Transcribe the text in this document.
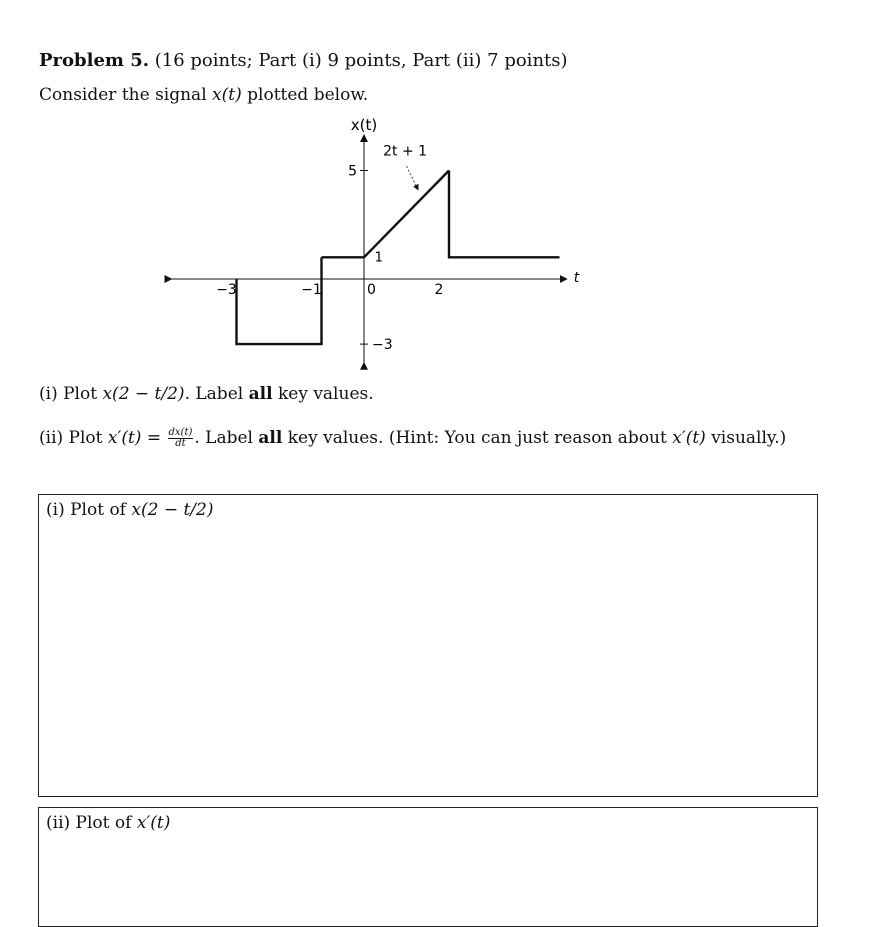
Problem 5. (16 points; Part (i) 9 points, Part (ii) 7 points)
Consider the signal x(t) plotted below.
−3	−1	0	2
5
−3
x(t)
t
1
2t + 1
(i) Plot x(2 − t/2). Label all key values.
(ii) Plot $x'(t) = \frac{dx(t)}{dt}$ . Label all key values. (Hint: You can just reason about x′(t) visually.)
(i) Plot of x(2 − t/2)
(ii) Plot of x′(t)
